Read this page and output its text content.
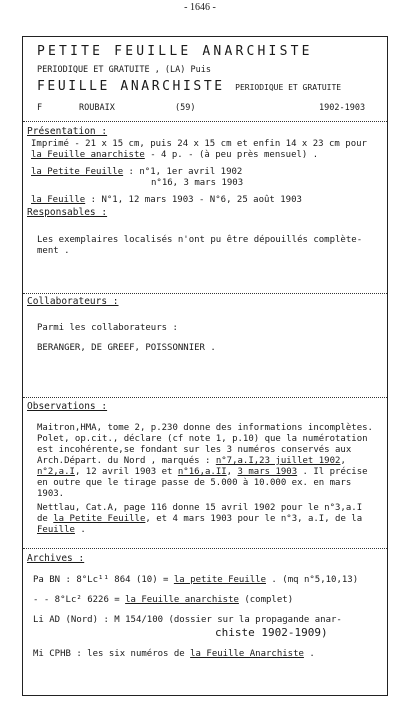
- 1646 -
PETITE FEUILLE ANARCHISTE
PERIODIQUE ET GRATUITE , (LA) Puis
FEUILLE ANARCHISTE PERIODIQUE ET GRATUITE
F	ROUBAIX	(59)	1902-1903
Présentation :
Imprimé - 21 x 15 cm, puis 24 x 15 cm et enfin 14 x 23 cm pour
la Feuille anarchiste - 4 p. - (à peu près mensuel) .
la Petite Feuille : n°1, 1er avril 1902
n°16, 3 mars 1903
la Feuille : N°1, 12 mars 1903 - N°6, 25 août 1903
Responsables :
Les exemplaires localisés n'ont pu être dépouillés complète-
ment .
Collaborateurs :
Parmi les collaborateurs :
BERANGER, DE GREEF, POISSONNIER .
Observations :
Maitron,HMA, tome 2, p.230 donne des informations incomplètes.
Polet, op.cit., déclare (cf note 1, p.10) que la numérotation
est incohérente,se fondant sur les 3 numéros conservés aux
Arch.Départ. du Nord , marqués : n°7,a.I,23 juillet 1902,
n°2,a.I, 12 avril 1903 et n°16,a.II, 3 mars 1903 . Il précise
en outre que le tirage passe de 5.000 à 10.000 ex. en mars
1903.
Nettlau, Cat.A, page 116 donne 15 avril 1902 pour le n°3,a.I
de la Petite Feuille, et 4 mars 1903 pour le n°3, a.I, de la
Feuille .
Archives :
Pa BN : 8°Lc¹¹ 864 (10) = la petite Feuille . (mq n°5,10,13)
- - 8°Lc² 6226 = la Feuille anarchiste (complet)
Li AD (Nord) : M 154/100 (dossier sur la propagande anar-
chiste 1902-1909)
Mi CPHB : les six numéros de la Feuille Anarchiste .
